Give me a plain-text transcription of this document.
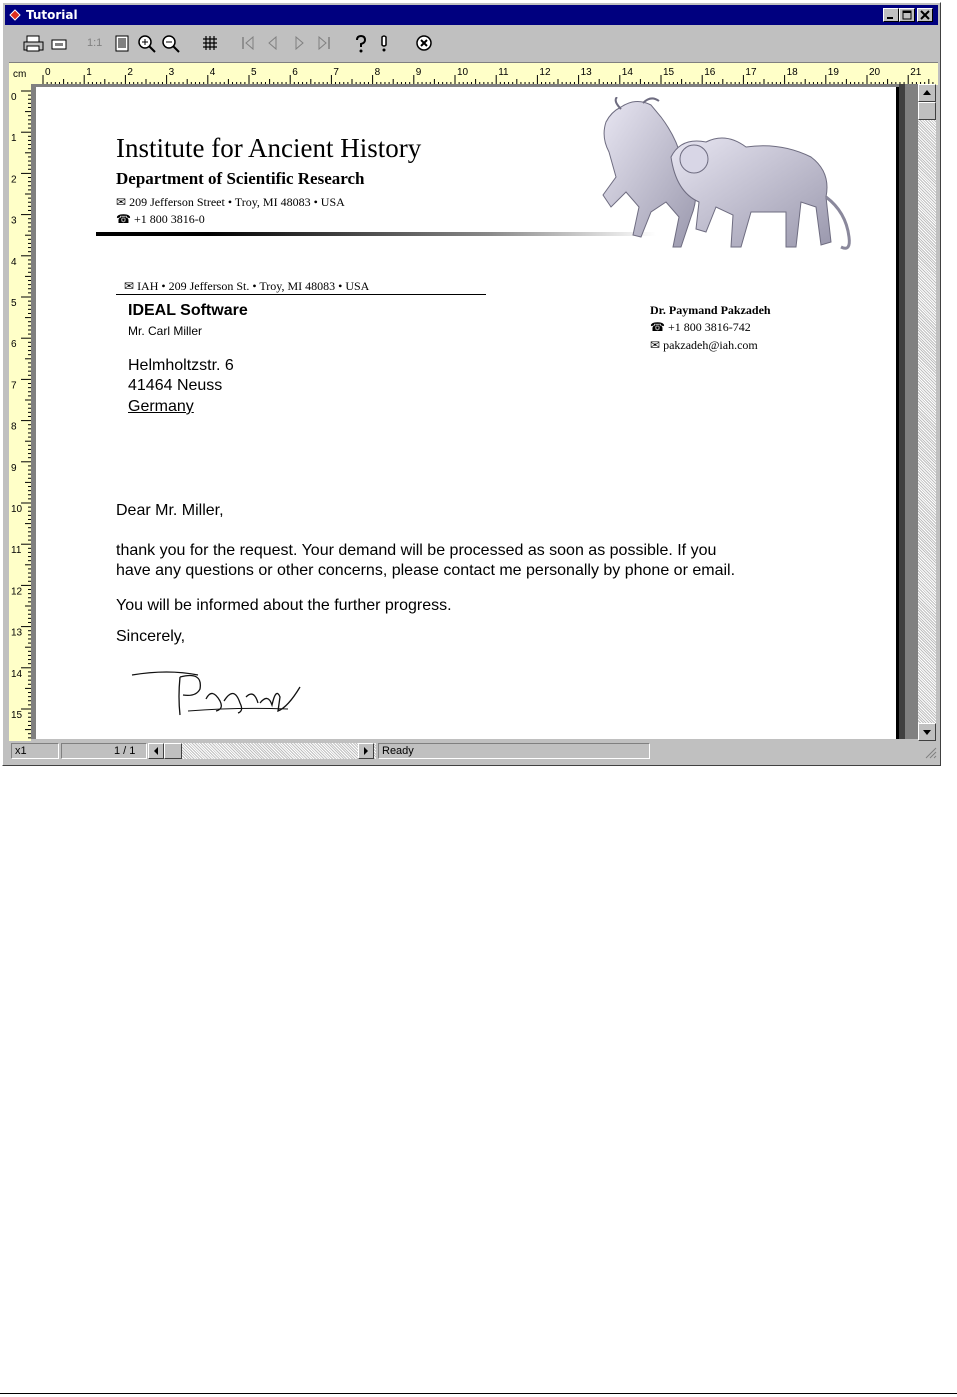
Tutorial
1:1
cm 0	1	2	3	4	5	6	7	8	9	10	11	12	13	14	15	16	17	18	19	20	21
0
1
2
3
4
5
6
7
8
9
10
11
12
13
14
15
Institute for Ancient History
Department of Scientific Research
✉ 209 Jefferson Street • Troy, MI 48083 • USA
☎ +1 800 3816-0
✉ IAH • 209 Jefferson St. • Troy, MI 48083 • USA
IDEAL Software
Mr. Carl Miller
Helmholtzstr. 6
41464 Neuss
Germany
Dr. Paymand Pakzadeh
☎ +1 800 3816-742
✉ pakzadeh@iah.com
Dear Mr. Miller,
thank you for the request. Your demand will be processed as soon as possible. If you
have any questions or other concerns, please contact me personally by phone or email.
You will be informed about the further progress.
Sincerely,
x1	1 / 1	Ready
